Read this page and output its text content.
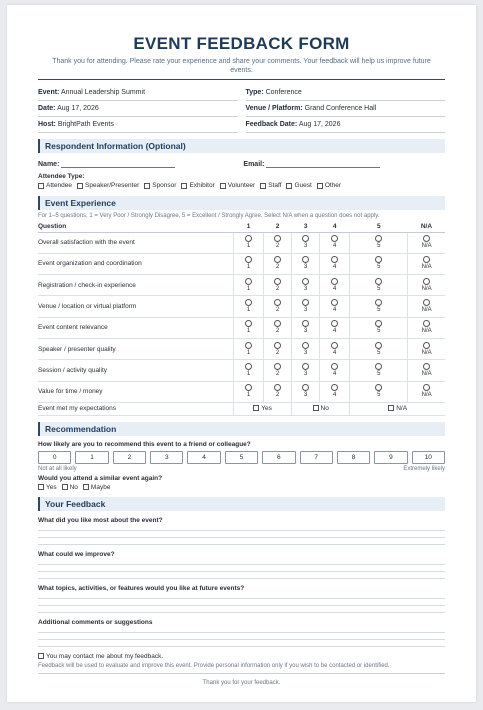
EVENT FEEDBACK FORM
Thank you for attending. Please rate your experience and share your comments. Your feedback will help us improve future events.
Event: Annual Leadership Summit	Type: Conference
Date: Aug 17, 2026	Venue / Platform: Grand Conference Hall
Host: BrightPath Events	Feedback Date: Aug 17, 2026
Respondent Information (Optional)
Name:	Email:
Attendee Type:
Attendee Speaker/Presenter Sponsor Exhibitor Volunteer Staff Guest Other
Event Experience
For 1–5 questions, 1 = Very Poor / Strongly Disagree, 5 = Excellent / Strongly Agree. Select N/A when a question does not apply.
Question	1	2	3	4	5	N/A
Overall satisfaction with the event	1	2	3	4	5	N/A

Event organization and coordination	1	2	3	4	5	N/A

Registration / check-in experience	1	2	3	4	5	N/A

Venue / location or virtual platform	1	2	3	4	5	N/A

Event content relevance	1	2	3	4	5	N/A

Speaker / presenter quality	1	2	3	4	5	N/A

Session / activity quality	1	2	3	4	5	N/A

Value for time / money	1	2	3	4	5	N/A

Event met my expectations	Yes		No		N/A	
Recommendation
How likely are you to recommend this event to a friend or colleague?
0	1	2	3	4	5	6	7	8	9	10
Not at all likely	Extremely likely
Would you attend a similar event again?
Yes No Maybe
Your Feedback
What did you like most about the event?
What could we improve?
What topics, activities, or features would you like at future events?
Additional comments or suggestions
You may contact me about my feedback.
Feedback will be used to evaluate and improve this event. Provide personal information only if you wish to be contacted or identified.
Thank you for your feedback.
